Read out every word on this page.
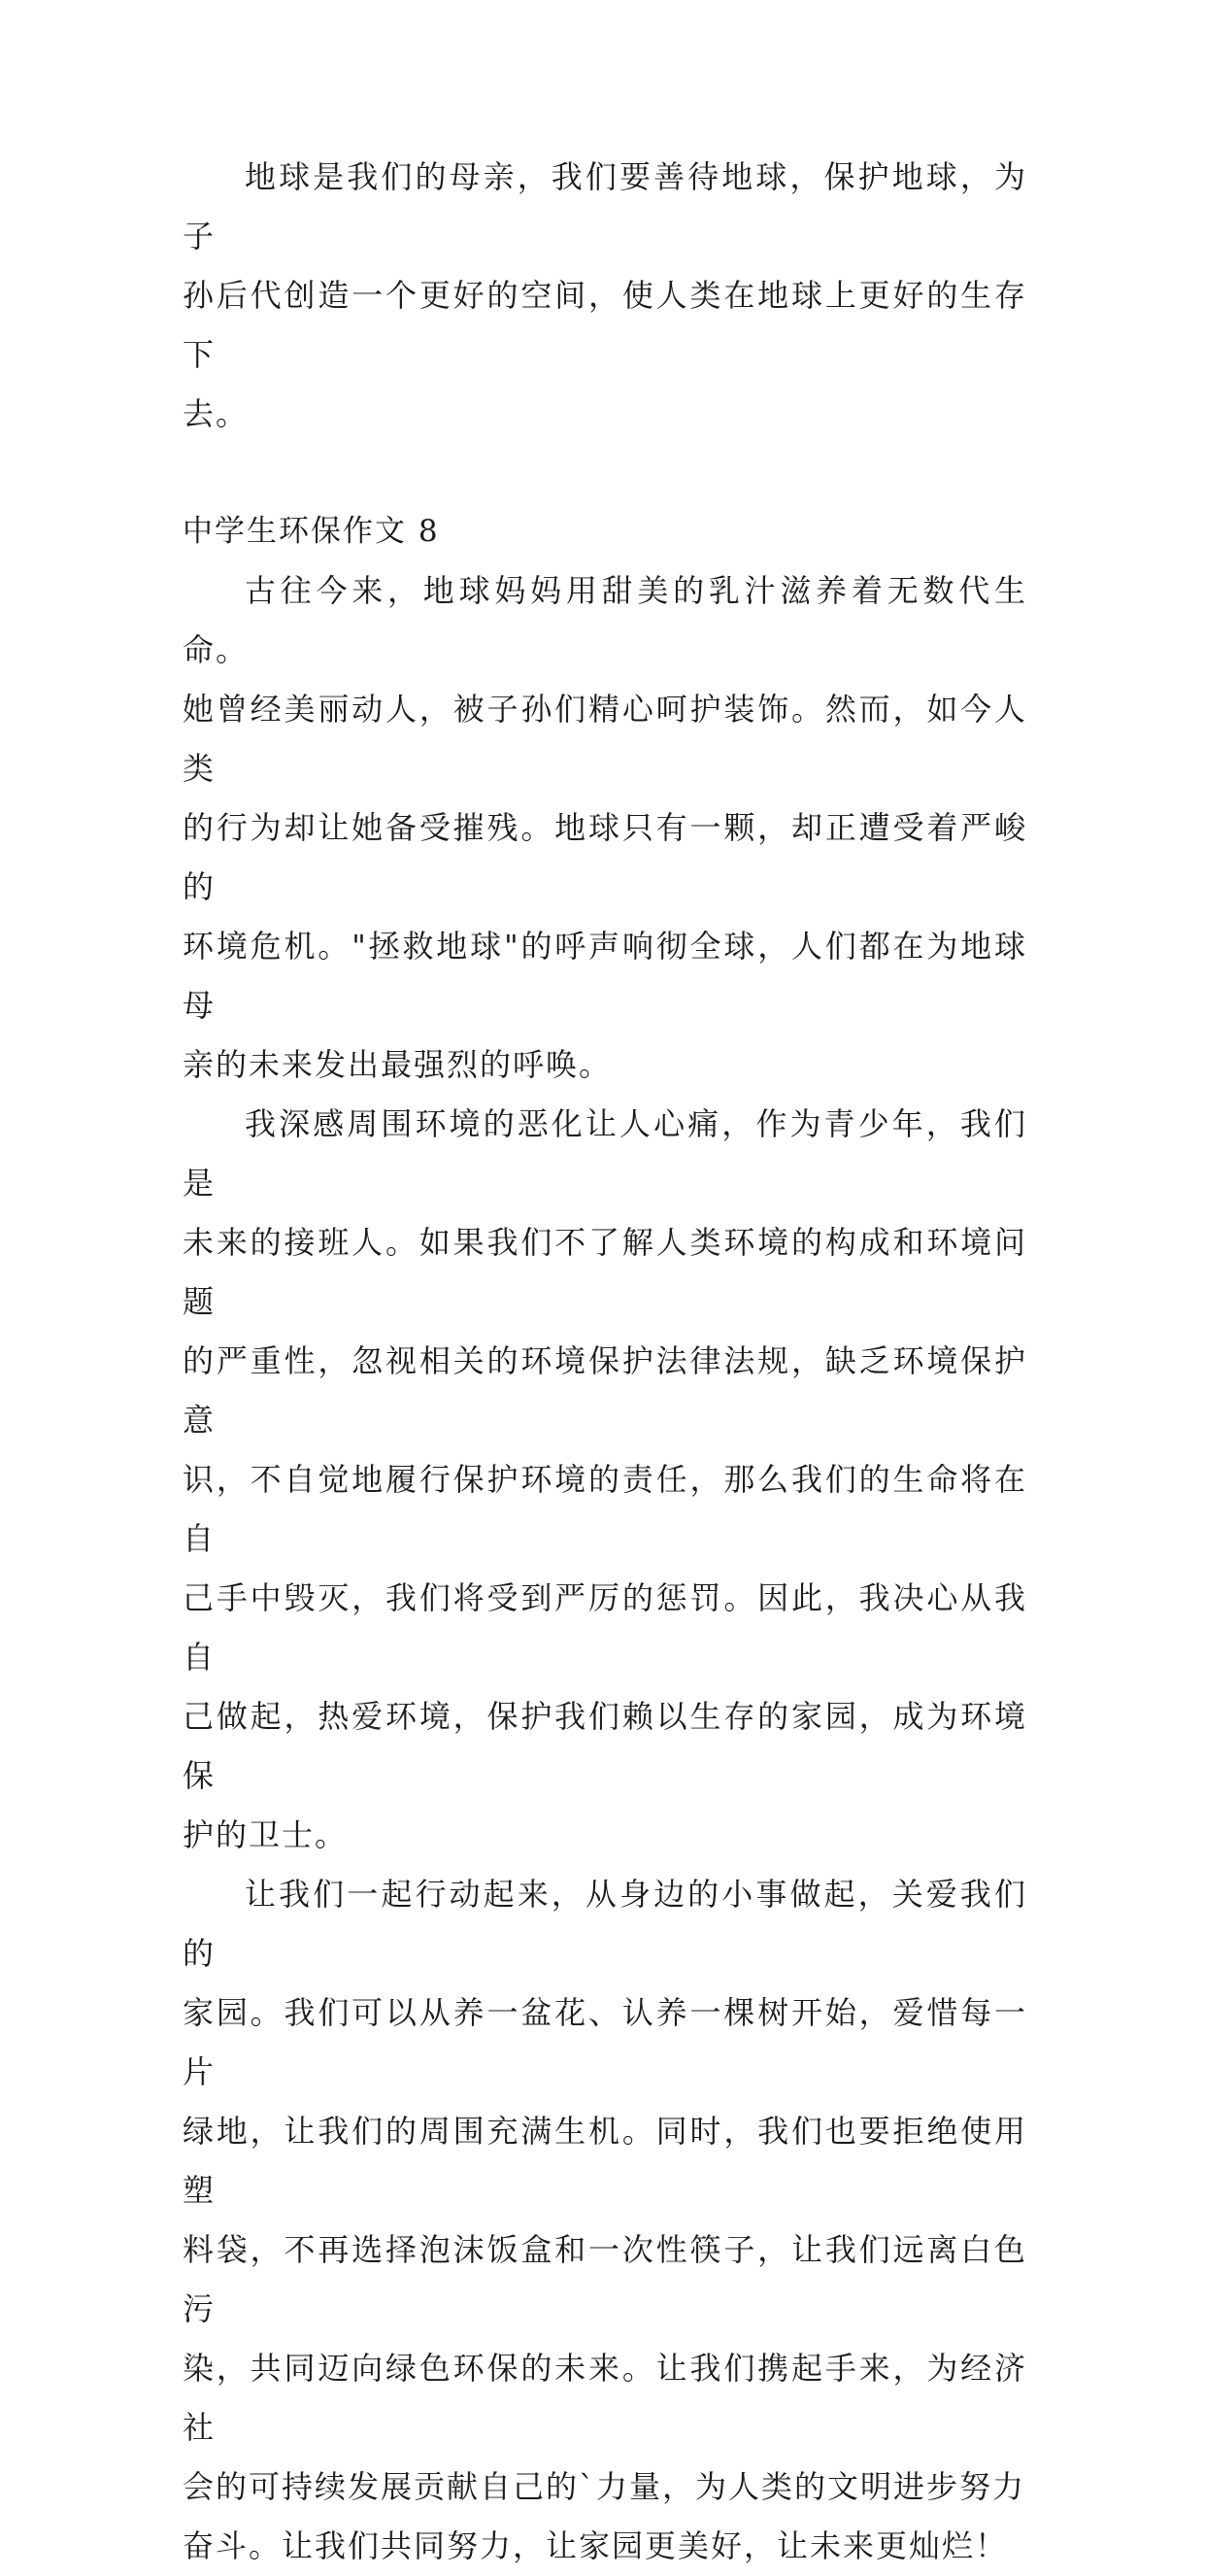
地球是我们的母亲，我们要善待地球，保护地球，为子
孙后代创造一个更好的空间，使人类在地球上更好的生存下
去。

中学生环保作文 8

古往今来，地球妈妈用甜美的乳汁滋养着无数代生命。
她曾经美丽动人，被子孙们精心呵护装饰。然而，如今人类
的行为却让她备受摧残。地球只有一颗，却正遭受着严峻的
环境危机。"拯救地球"的呼声响彻全球，人们都在为地球母
亲的未来发出最强烈的呼唤。

我深感周围环境的恶化让人心痛，作为青少年，我们是
未来的接班人。如果我们不了解人类环境的构成和环境问题
的严重性，忽视相关的环境保护法律法规，缺乏环境保护意
识，不自觉地履行保护环境的责任，那么我们的生命将在自
己手中毁灭，我们将受到严厉的惩罚。因此，我决心从我自
己做起，热爱环境，保护我们赖以生存的家园，成为环境保
护的卫士。

让我们一起行动起来，从身边的小事做起，关爱我们的
家园。我们可以从养一盆花、认养一棵树开始，爱惜每一片
绿地，让我们的周围充满生机。同时，我们也要拒绝使用塑
料袋，不再选择泡沫饭盒和一次性筷子，让我们远离白色污
染，共同迈向绿色环保的未来。让我们携起手来，为经济社
会的可持续发展贡献自己的`力量，为人类的文明进步努力
奋斗。让我们共同努力，让家园更美好，让未来更灿烂！
